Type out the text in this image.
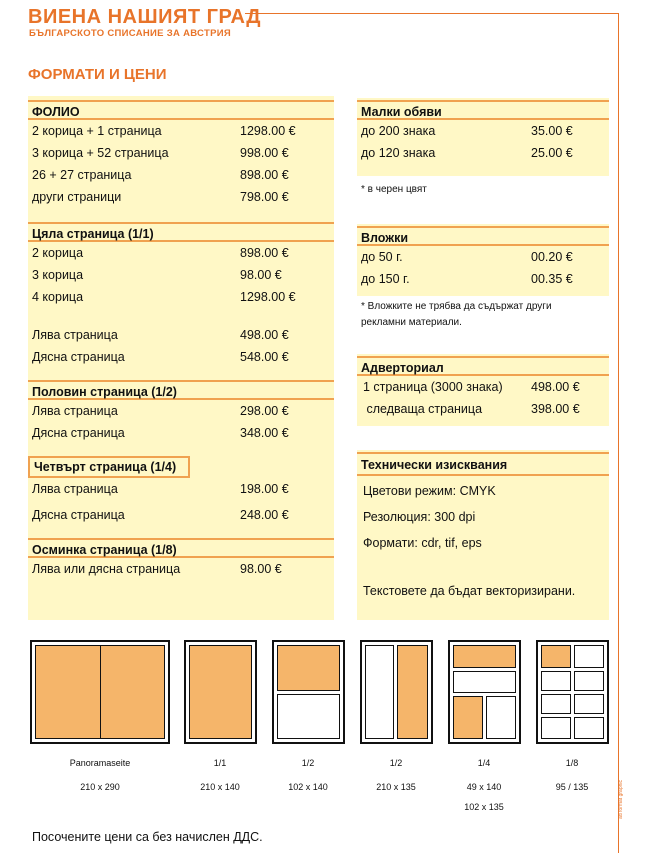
ВИЕНА НАШИЯТ ГРАД
БЪЛГАРСКОТО СПИСАНИЕ ЗА АВСТРИЯ
ФОРМАТИ И ЦЕНИ
ФОЛИО
2 корица + 1 страница	1298.00 €
3 корица + 52 страница	998.00 €
26 + 27 страница	898.00 €
други страници	798.00 €
Цяла страница (1/1)
2 корица	898.00 €
3 корица	98.00 €
4 корица	1298.00 €
Лява страница	498.00 €
Дясна страница	548.00 €
Половин страница (1/2)
Лява страница	298.00 €
Дясна страница	348.00 €
Четвърт страница (1/4)
Лява страница	198.00 €
Дясна страница	248.00 €
Осминка страница (1/8)
Лява или дясна страница	98.00 €
Малки обяви
до 200 знака	35.00 €
до 120 знака	25.00 €
* в черен цвят
Вложки
до 50 г.	00.20 €
до 150 г.	00.35 €
* Вложките не трябва да съдържат други
рекламни материали.
Адверториал
1 страница (3000 знака) 498.00 €
следваща страница	398.00 €
Технически изисквания
Цветови режим: CMYK
Резолюция: 300 dpi
Формати: cdr, tif, eps
Текстовете да бъдат векторизирани.
Panoramaseite
210 x 290
1/1
210 x 140
1/2
102 x 140
1/2
210 x 135
1/4
49 x 140
102 x 135
1/8
95 / 135
Посочените цени са без начислен ДДС.
ad format graphic
